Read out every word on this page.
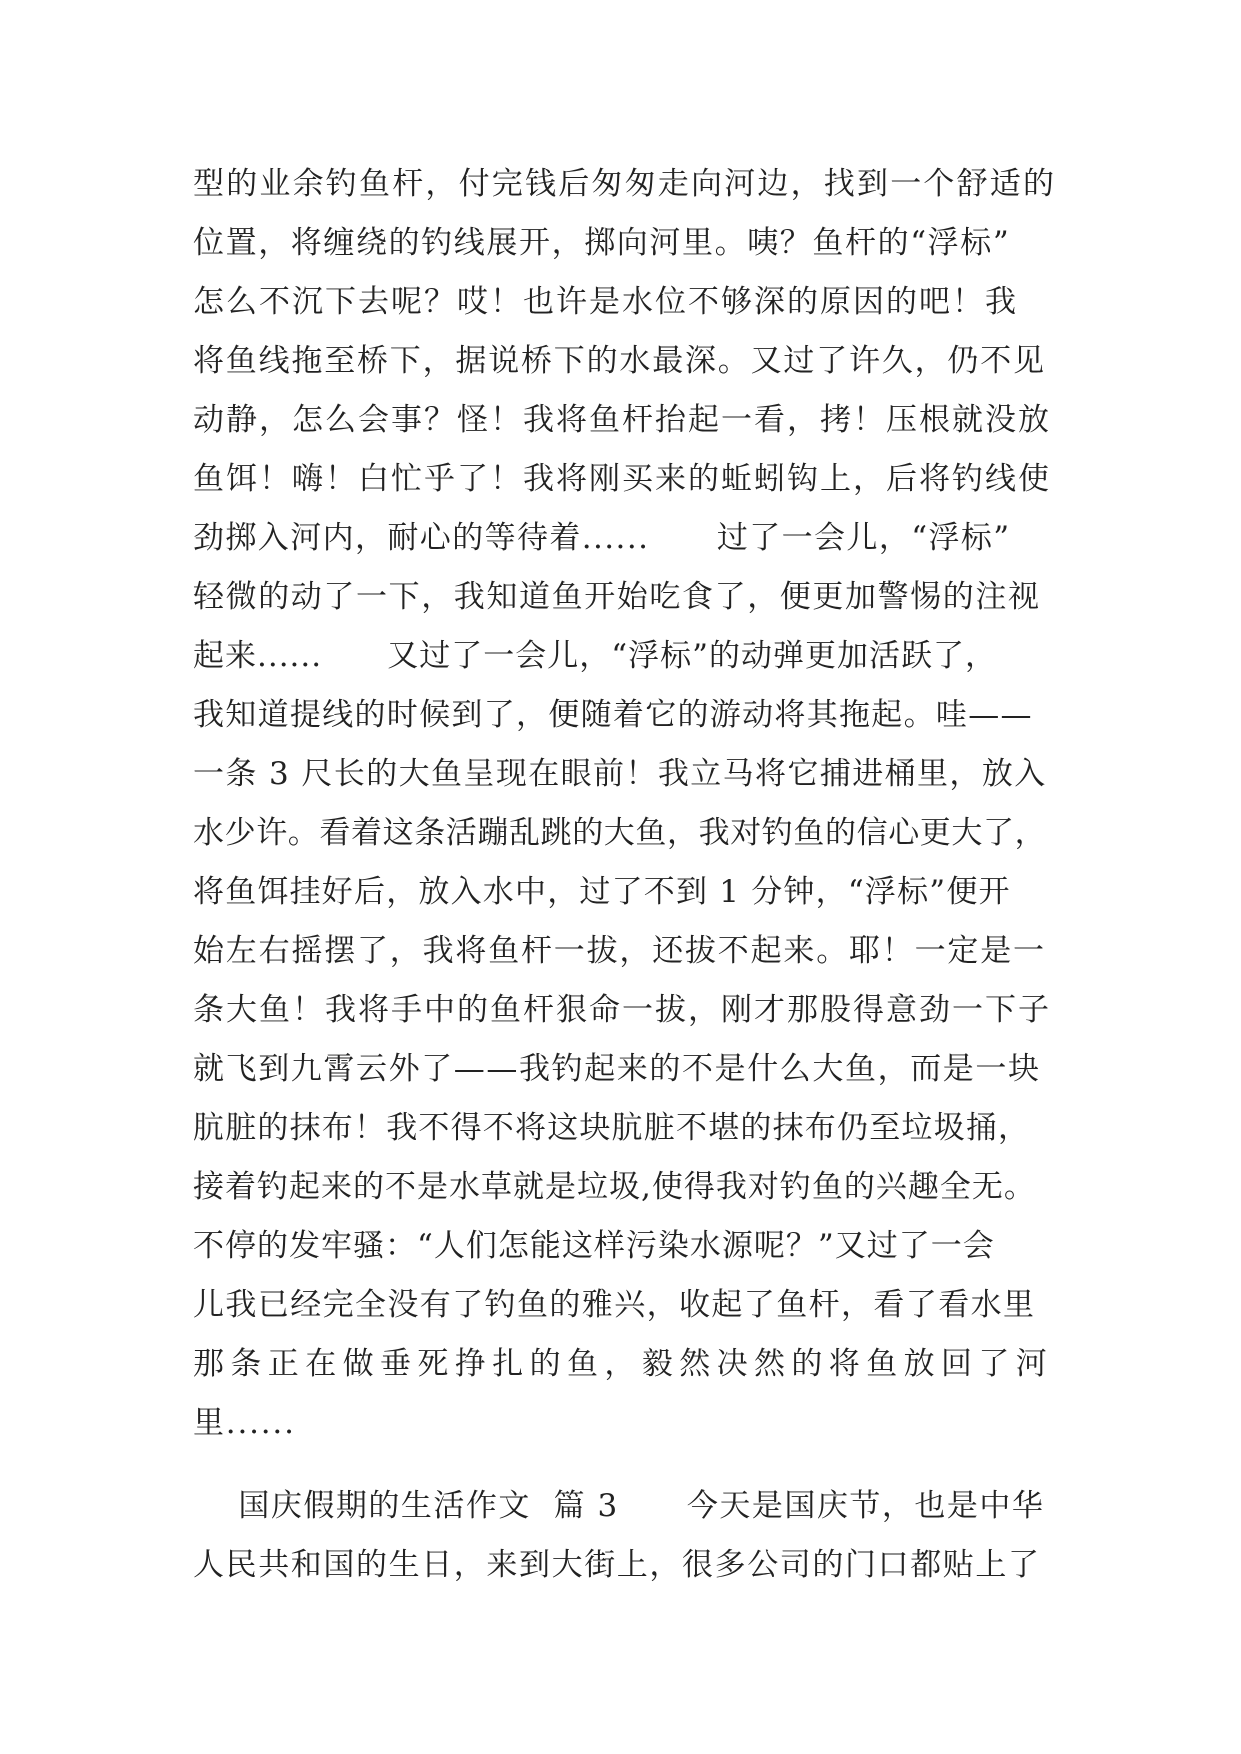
型的业余钓鱼杆，付完钱后匆匆走向河边，找到一个舒适的

位置，将缠绕的钓线展开，掷向河里。咦？鱼杆的“浮标”

怎么不沉下去呢？哎！也许是水位不够深的原因的吧！我

将鱼线拖至桥下，据说桥下的水最深。又过了许久，仍不见

动静，怎么会事？怪！我将鱼杆抬起一看，拷！压根就没放

鱼饵！嗨！白忙乎了！我将刚买来的蚯蚓钩上，后将钓线使

劲掷入河内，耐心的等待着......      过了一会儿，“浮标”

轻微的动了一下，我知道鱼开始吃食了，便更加警惕的注视

起来......      又过了一会儿，“浮标”的动弹更加活跃了，

我知道提线的时候到了，便随着它的游动将其拖起。哇——

一条 3 尺长的大鱼呈现在眼前！我立马将它捕进桶里，放入

水少许。看着这条活蹦乱跳的大鱼，我对钓鱼的信心更大了，

将鱼饵挂好后，放入水中，过了不到 1 分钟，“浮标”便开

始左右摇摆了，我将鱼杆一拔，还拔不起来。耶！一定是一

条大鱼！我将手中的鱼杆狠命一拔，刚才那股得意劲一下子

就飞到九霄云外了——我钓起来的不是什么大鱼，而是一块

肮脏的抹布！我不得不将这块肮脏不堪的抹布仍至垃圾捅，

接着钓起来的不是水草就是垃圾,使得我对钓鱼的兴趣全无。

不停的发牢骚：“人们怎能这样污染水源呢？”又过了一会

儿我已经完全没有了钓鱼的雅兴，收起了鱼杆，看了看水里

那条正在做垂死挣扎的鱼，毅然决然的将鱼放回了河

里......

国庆假期的生活作文  篇 3      今天是国庆节，也是中华

人民共和国的生日，来到大街上，很多公司的门口都贴上了
